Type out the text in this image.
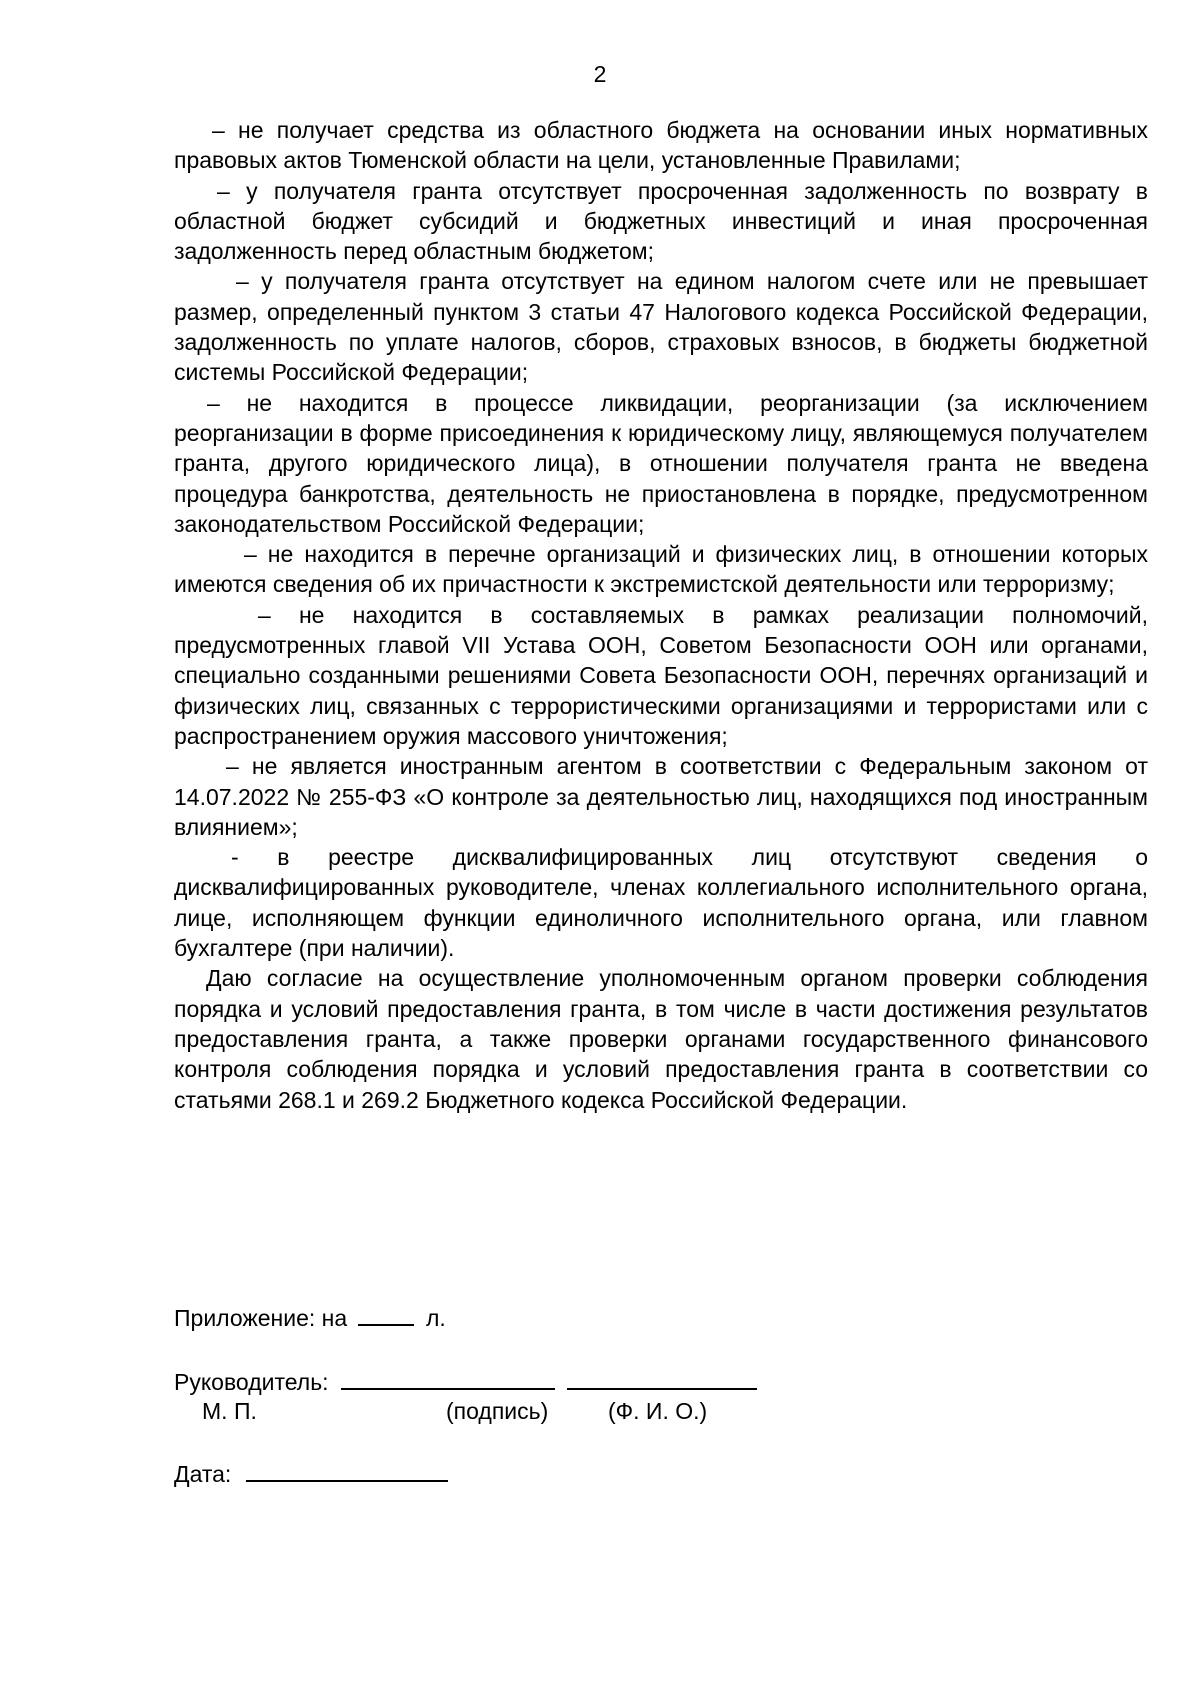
2

– не получает средства из областного бюджета на основании иных нормативных правовых актов Тюменской области на цели, установленные Правилами;

– у получателя гранта отсутствует просроченная задолженность по возврату в областной бюджет субсидий и бюджетных инвестиций и иная просроченная задолженность перед областным бюджетом;

– у получателя гранта отсутствует на едином налогом счете или не превышает размер, определенный пунктом 3 статьи 47 Налогового кодекса Российской Федерации, задолженность по уплате налогов, сборов, страховых взносов, в бюджеты бюджетной системы Российской Федерации;

– не находится в процессе ликвидации, реорганизации (за исключением реорганизации в форме присоединения к юридическому лицу, являющемуся получателем гранта, другого юридического лица), в отношении получателя гранта не введена процедура банкротства, деятельность не приостановлена в порядке, предусмотренном законодательством Российской Федерации;

– не находится в перечне организаций и физических лиц, в отношении которых имеются сведения об их причастности к экстремистской деятельности или терроризму;

– не находится в составляемых в рамках реализации полномочий, предусмотренных главой VII Устава ООН, Советом Безопасности ООН или органами, специально созданными решениями Совета Безопасности ООН, перечнях организаций и физических лиц, связанных с террористическими организациями и террористами или с распространением оружия массового уничтожения;

– не является иностранным агентом в соответствии с Федеральным законом от 14.07.2022 № 255-ФЗ «О контроле за деятельностью лиц, находящихся под иностранным влиянием»;

- в реестре дисквалифицированных лиц отсутствуют сведения о дисквалифицированных руководителе, членах коллегиального исполнительного органа, лице, исполняющем функции единоличного исполнительного органа, или главном бухгалтере (при наличии).

Даю согласие на осуществление уполномоченным органом проверки соблюдения порядка и условий предоставления гранта, в том числе в части достижения результатов предоставления гранта, а также проверки органами государственного финансового контроля соблюдения порядка и условий предоставления гранта в соответствии со статьями 268.1 и 269.2 Бюджетного кодекса Российской Федерации.

Приложение: на	л.
Руководитель:
М. П.	(подпись)	(Ф. И. О.)
Дата:
